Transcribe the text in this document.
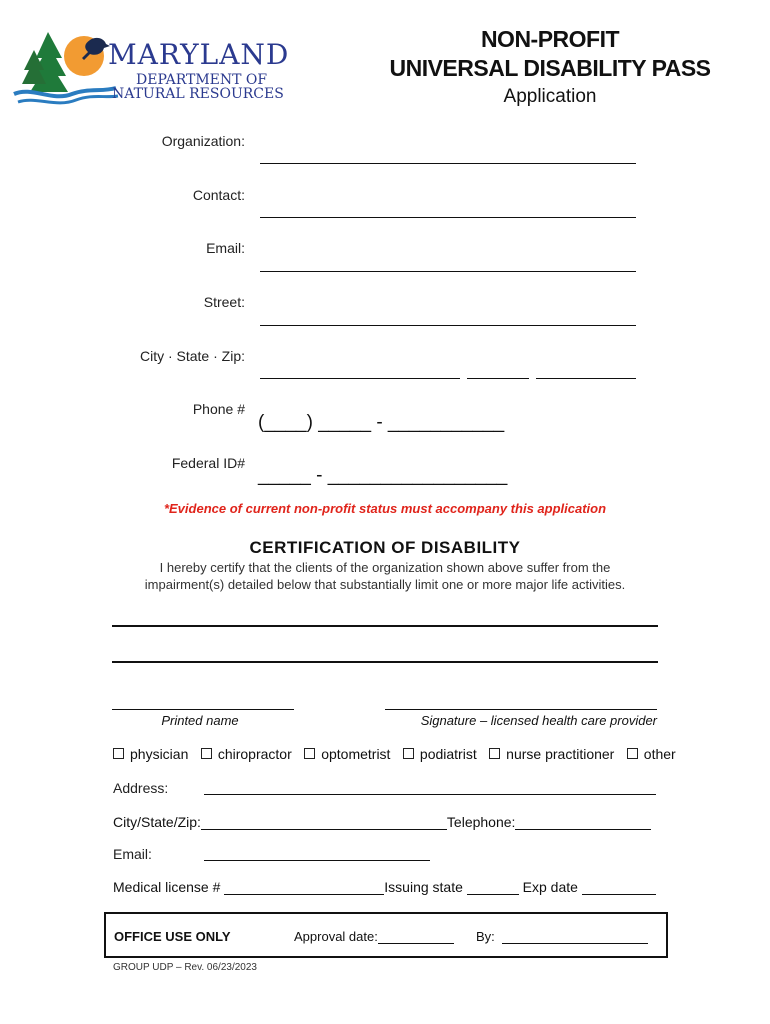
MARYLAND
DEPARTMENT OF
NATURAL RESOURCES
NON-PROFIT
UNIVERSAL DISABILITY PASS
Application
Organization:
Contact:
Email:
Street:
City · State · Zip:
Phone #
(____) _____ - ___________
Federal ID#
_____ - _________________
*Evidence of current non-profit status must accompany this application
CERTIFICATION OF DISABILITY
I hereby certify that the clients of the organization shown above suffer from the
impairment(s) detailed below that substantially limit one or more major life activities.
Printed name	Signature – licensed health care provider
physician chiropractor optometrist podiatrist nurse practitioner other
Address:
City/State/Zip:	Telephone:
Email:
Medical license #	Issuing state	Exp date
OFFICE USE ONLY	Approval date:	By:
GROUP UDP – Rev. 06/23/2023
